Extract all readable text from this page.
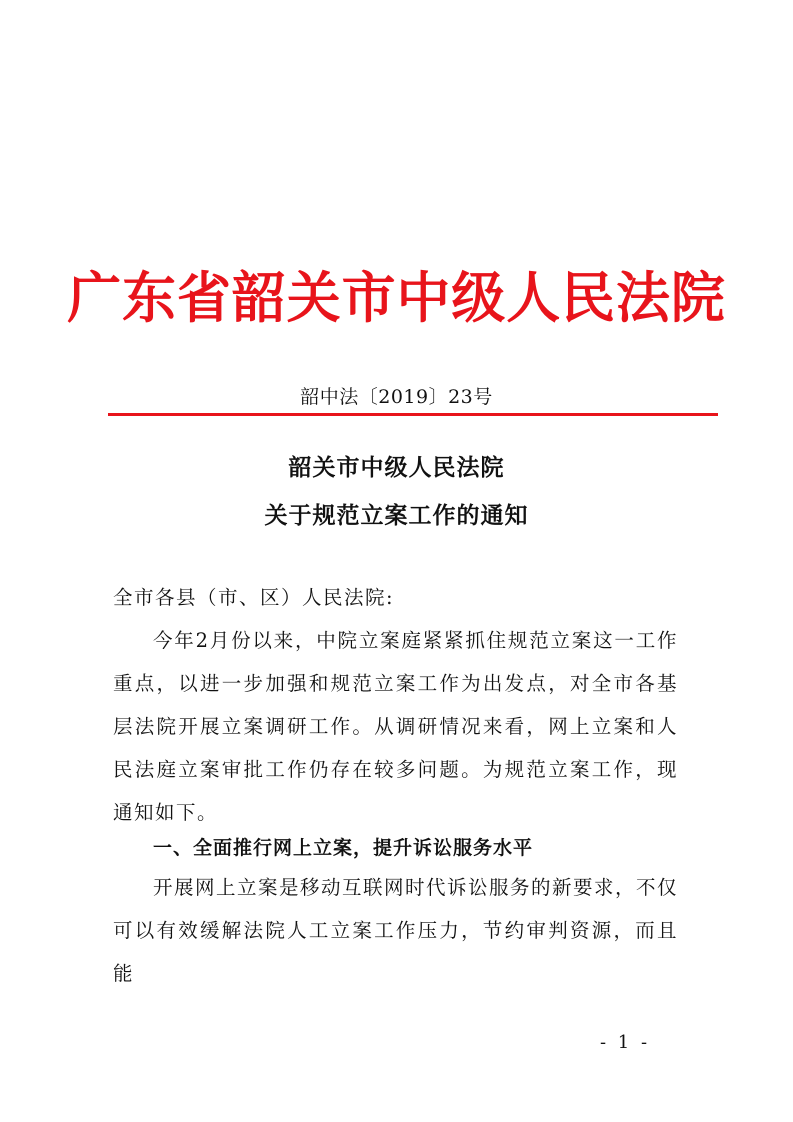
广东省韶关市中级人民法院
韶中法〔2019〕23号
韶关市中级人民法院
关于规范立案工作的通知
全市各县（市、区）人民法院:

今年2月份以来，中院立案庭紧紧抓住规范立案这一工作重点，以进一步加强和规范立案工作为出发点，对全市各基层法院开展立案调研工作。从调研情况来看，网上立案和人民法庭立案审批工作仍存在较多问题。为规范立案工作，现通知如下。

一、全面推行网上立案，提升诉讼服务水平

开展网上立案是移动互联网时代诉讼服务的新要求，不仅可以有效缓解法院人工立案工作压力，节约审判资源，而且能

- 1 -
